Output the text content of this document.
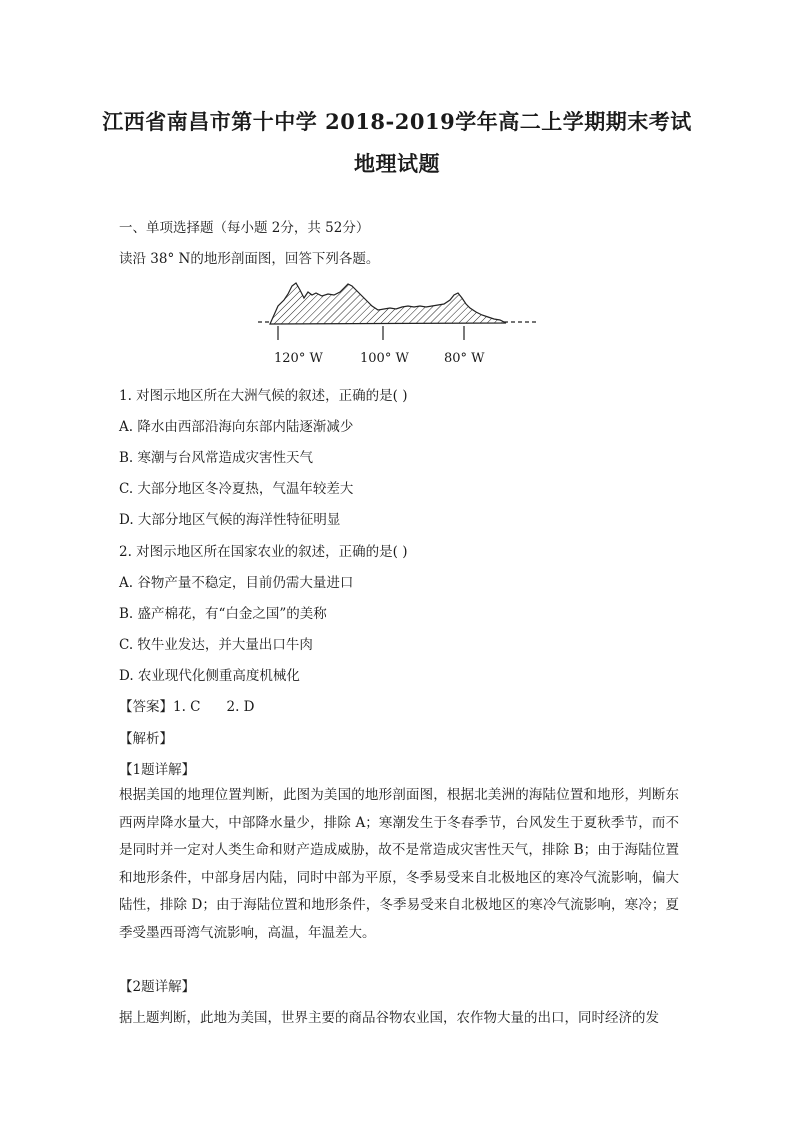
江西省南昌市第十中学 2018-2019学年高二上学期期末考试
地理试题
一、单项选择题（每小题 2分，共 52分）
读沿 38° N的地形剖面图，回答下列各题。
120° W	100° W	80° W
1. 对图示地区所在大洲气候的叙述，正确的是( )
A. 降水由西部沿海向东部内陆逐渐减少
B. 寒潮与台风常造成灾害性天气
C. 大部分地区冬冷夏热，气温年较差大
D. 大部分地区气候的海洋性特征明显
2. 对图示地区所在国家农业的叙述，正确的是( )
A. 谷物产量不稳定，目前仍需大量进口
B. 盛产棉花，有“白金之国”的美称
C. 牧牛业发达，并大量出口牛肉
D. 农业现代化侧重高度机械化
【答案】1. C 2. D
【解析】
【1题详解】
根据美国的地理位置判断，此图为美国的地形剖面图，根据北美洲的海陆位置和地形，判断东西两岸降水量大，中部降水量少，排除 A；寒潮发生于冬春季节，台风发生于夏秋季节，而不是同时并一定对人类生命和财产造成威胁，故不是常造成灾害性天气，排除 B；由于海陆位置和地形条件，中部身居内陆，同时中部为平原，冬季易受来自北极地区的寒冷气流影响，偏大陆性，排除 D；由于海陆位置和地形条件，冬季易受来自北极地区的寒冷气流影响，寒冷；夏季受墨西哥湾气流影响，高温，年温差大。
【2题详解】
据上题判断，此地为美国，世界主要的商品谷物农业国，农作物大量的出口，同时经济的发
